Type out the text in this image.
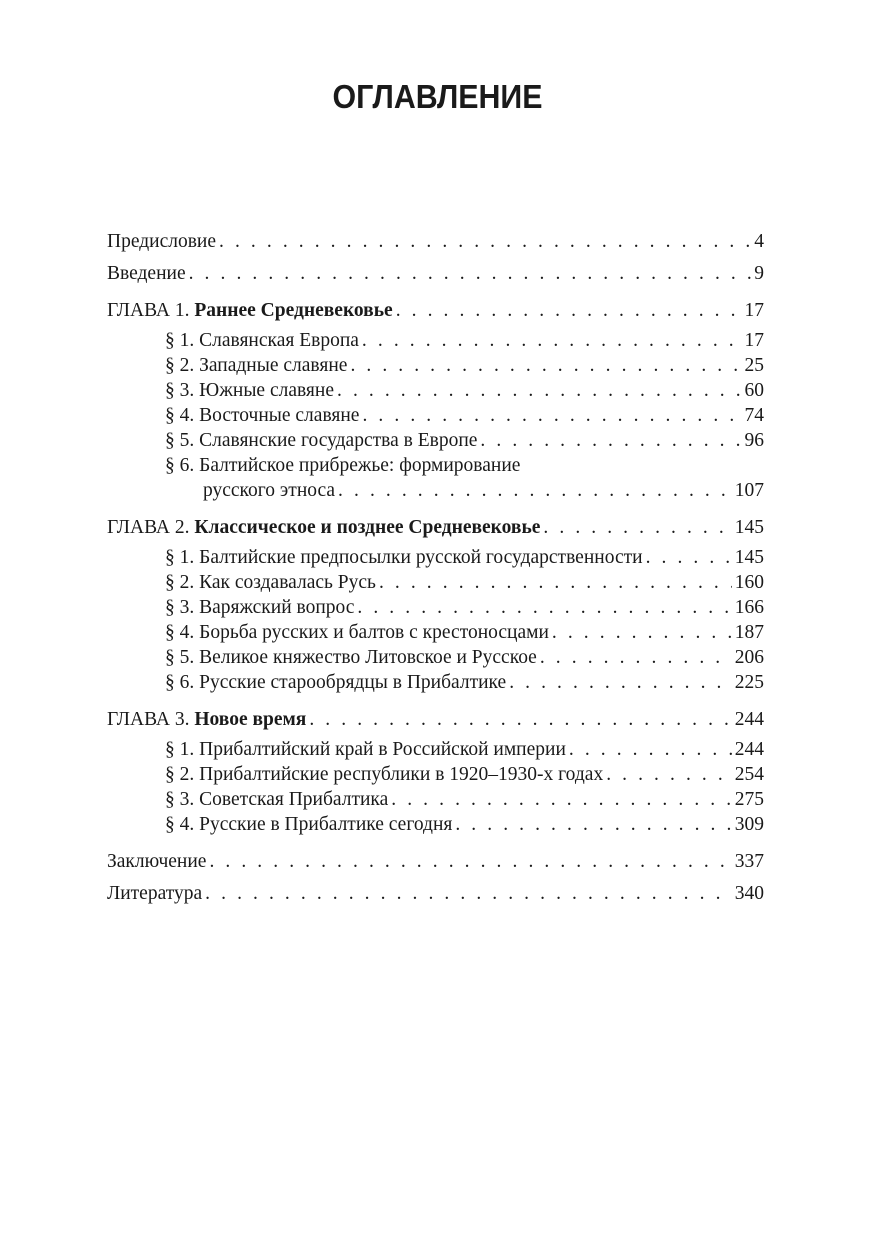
ОГЛАВЛЕНИЕ
Предисловие . . .	4
Введение . . .	9
ГЛАВА 1. Раннее Средневековье . . .	17
§ 1. Славянская Европа . . .	17
§ 2. Западные славяне . . .	25
§ 3. Южные славяне . . .	60
§ 4. Восточные славяне . . .	74
§ 5. Славянские государства в Европе . . .	96
§ 6. Балтийское прибрежье: формирование
русского этноса . . .	107
ГЛАВА 2. Классическое и позднее Средневековье . . .	145
§ 1. Балтийские предпосылки русской государственности . . .	145
§ 2. Как создавалась Русь . . .	160
§ 3. Варяжский вопрос . . .	166
§ 4. Борьба русских и балтов с крестоносцами . . .	187
§ 5. Великое княжество Литовское и Русское . . .	206
§ 6. Русские старообрядцы в Прибалтике . . .	225
ГЛАВА 3. Новое время . . .	244
§ 1. Прибалтийский край в Российской империи . . .	244
§ 2. Прибалтийские республики в 1920–1930-х годах . . .	254
§ 3. Советская Прибалтика . . .	275
§ 4. Русские в Прибалтике сегодня . . .	309
Заключение . . .	337
Литература . . .	340
